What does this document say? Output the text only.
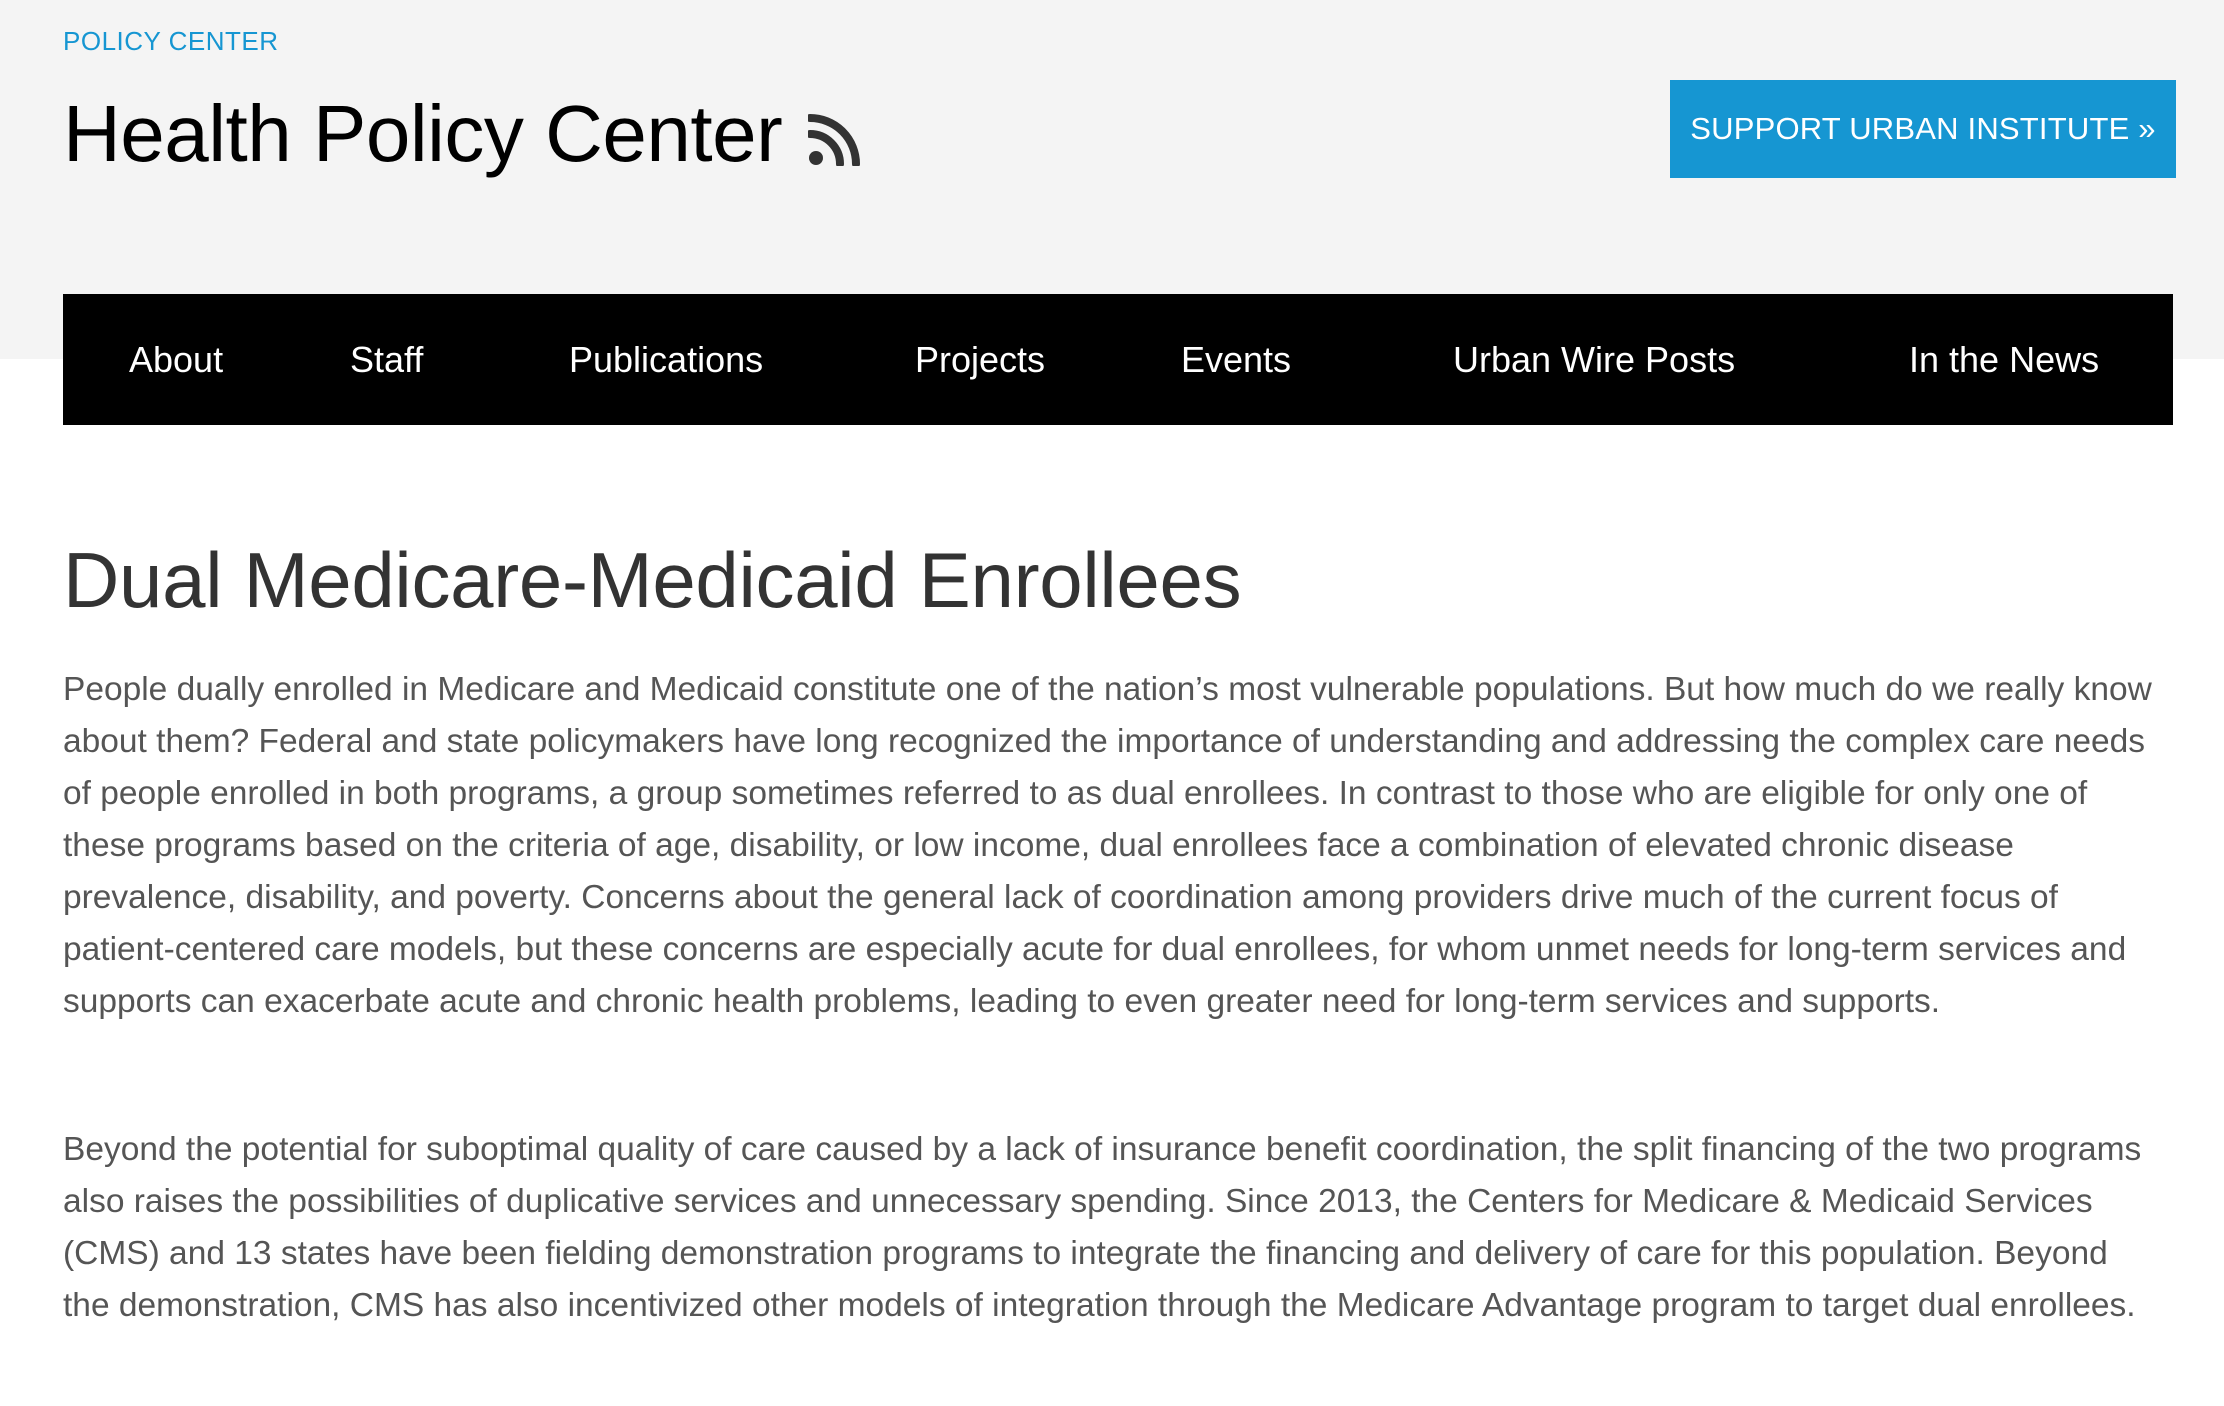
POLICY CENTER
Health Policy Center	SUPPORT URBAN INSTITUTE »
About	Staff	Publications	Projects	Events	Urban Wire Posts	In the News
Dual Medicare-Medicaid Enrollees

People dually enrolled in Medicare and Medicaid constitute one of the nation’s most vulnerable populations. But how much do we really know about them? Federal and state policymakers have long recognized the importance of understanding and addressing the complex care needs of people enrolled in both programs, a group sometimes referred to as dual enrollees. In contrast to those who are eligible for only one of these programs based on the criteria of age, disability, or low income, dual enrollees face a combination of elevated chronic disease prevalence, disability, and poverty. Concerns about the general lack of coordination among providers drive much of the current focus of patient-centered care models, but these concerns are especially acute for dual enrollees, for whom unmet needs for long-term services and supports can exacerbate acute and chronic health problems, leading to even greater need for long-term services and supports.

Beyond the potential for suboptimal quality of care caused by a lack of insurance benefit coordination, the split financing of the two programs also raises the possibilities of duplicative services and unnecessary spending. Since 2013, the Centers for Medicare & Medicaid Services (CMS) and 13 states have been fielding demonstration programs to integrate the financing and delivery of care for this population. Beyond the demonstration, CMS has also incentivized other models of integration through the Medicare Advantage program to target dual enrollees.
